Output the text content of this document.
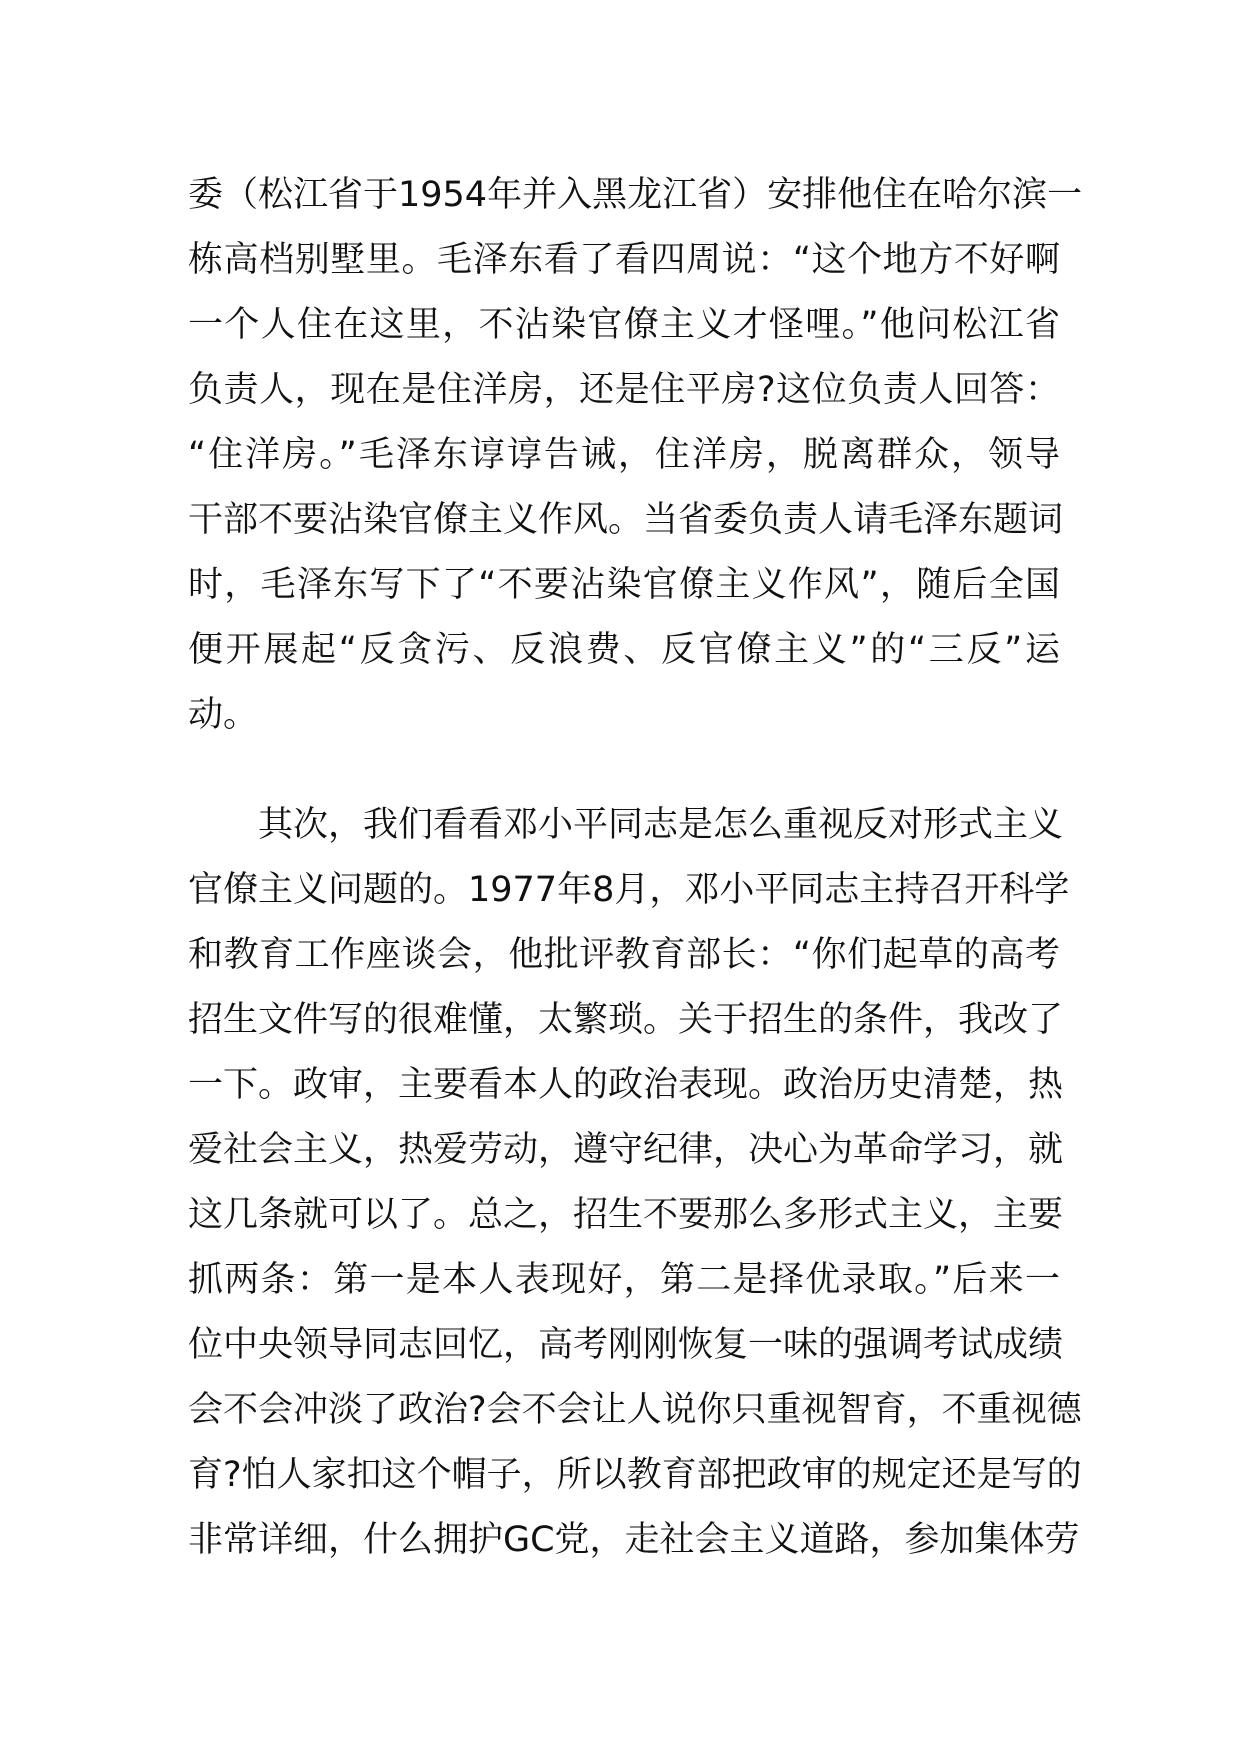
委（松江省于1954年并入黑龙江省）安排他住在哈尔滨一
栋高档别墅里。毛泽东看了看四周说：“这个地方不好啊
一个人住在这里，不沾染官僚主义才怪哩。”他问松江省
负责人，现在是住洋房，还是住平房?这位负责人回答：
“住洋房。”毛泽东谆谆告诫，住洋房，脱离群众，领导
干部不要沾染官僚主义作风。当省委负责人请毛泽东题词
时，毛泽东写下了“不要沾染官僚主义作风”，随后全国
便开展起“反贪污、反浪费、反官僚主义”的“三反”运
动。
其次，我们看看邓小平同志是怎么重视反对形式主义
官僚主义问题的。1977年8月，邓小平同志主持召开科学
和教育工作座谈会，他批评教育部长：“你们起草的高考
招生文件写的很难懂，太繁琐。关于招生的条件，我改了
一下。政审，主要看本人的政治表现。政治历史清楚，热
爱社会主义，热爱劳动，遵守纪律，决心为革命学习，就
这几条就可以了。总之，招生不要那么多形式主义，主要
抓两条：第一是本人表现好，第二是择优录取。”后来一
位中央领导同志回忆，高考刚刚恢复一味的强调考试成绩
会不会冲淡了政治?会不会让人说你只重视智育，不重视德
育?怕人家扣这个帽子，所以教育部把政审的规定还是写的
非常详细，什么拥护GC党，走社会主义道路，参加集体劳
